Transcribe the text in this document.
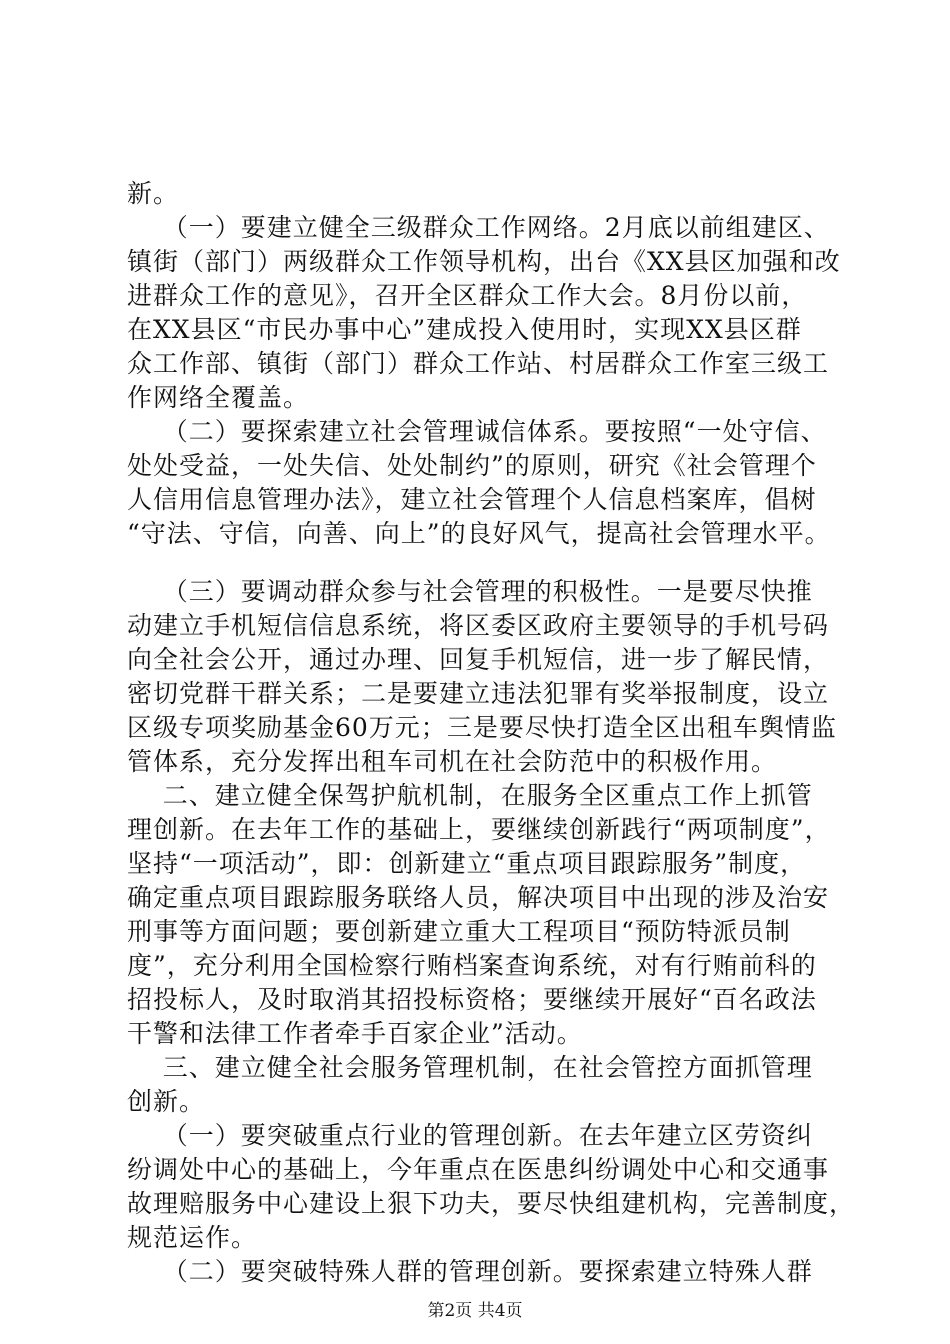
新。
（一）要建立健全三级群众工作网络。2月底以前组建区、
镇街（部门）两级群众工作领导机构，出台《XX县区加强和改
进群众工作的意见》，召开全区群众工作大会。8月份以前，
在XX县区“市民办事中心”建成投入使用时，实现XX县区群
众工作部、镇街（部门）群众工作站、村居群众工作室三级工
作网络全覆盖。
（二）要探索建立社会管理诚信体系。要按照“一处守信、
处处受益，一处失信、处处制约”的原则，研究《社会管理个
人信用信息管理办法》，建立社会管理个人信息档案库，倡树
“守法、守信，向善、向上”的良好风气，提高社会管理水平。
（三）要调动群众参与社会管理的积极性。一是要尽快推
动建立手机短信信息系统，将区委区政府主要领导的手机号码
向全社会公开，通过办理、回复手机短信，进一步了解民情，
密切党群干群关系；二是要建立违法犯罪有奖举报制度，设立
区级专项奖励基金60万元；三是要尽快打造全区出租车舆情监
管体系，充分发挥出租车司机在社会防范中的积极作用。
二、建立健全保驾护航机制，在服务全区重点工作上抓管
理创新。在去年工作的基础上，要继续创新践行“两项制度”，
坚持“一项活动”，即：创新建立“重点项目跟踪服务”制度，
确定重点项目跟踪服务联络人员，解决项目中出现的涉及治安
刑事等方面问题；要创新建立重大工程项目“预防特派员制
度”，充分利用全国检察行贿档案查询系统，对有行贿前科的
招投标人，及时取消其招投标资格；要继续开展好“百名政法
干警和法律工作者牵手百家企业”活动。
三、建立健全社会服务管理机制，在社会管控方面抓管理
创新。
（一）要突破重点行业的管理创新。在去年建立区劳资纠
纷调处中心的基础上，今年重点在医患纠纷调处中心和交通事
故理赔服务中心建设上狠下功夫，要尽快组建机构，完善制度，
规范运作。
（二）要突破特殊人群的管理创新。要探索建立特殊人群
第2页 共4页
